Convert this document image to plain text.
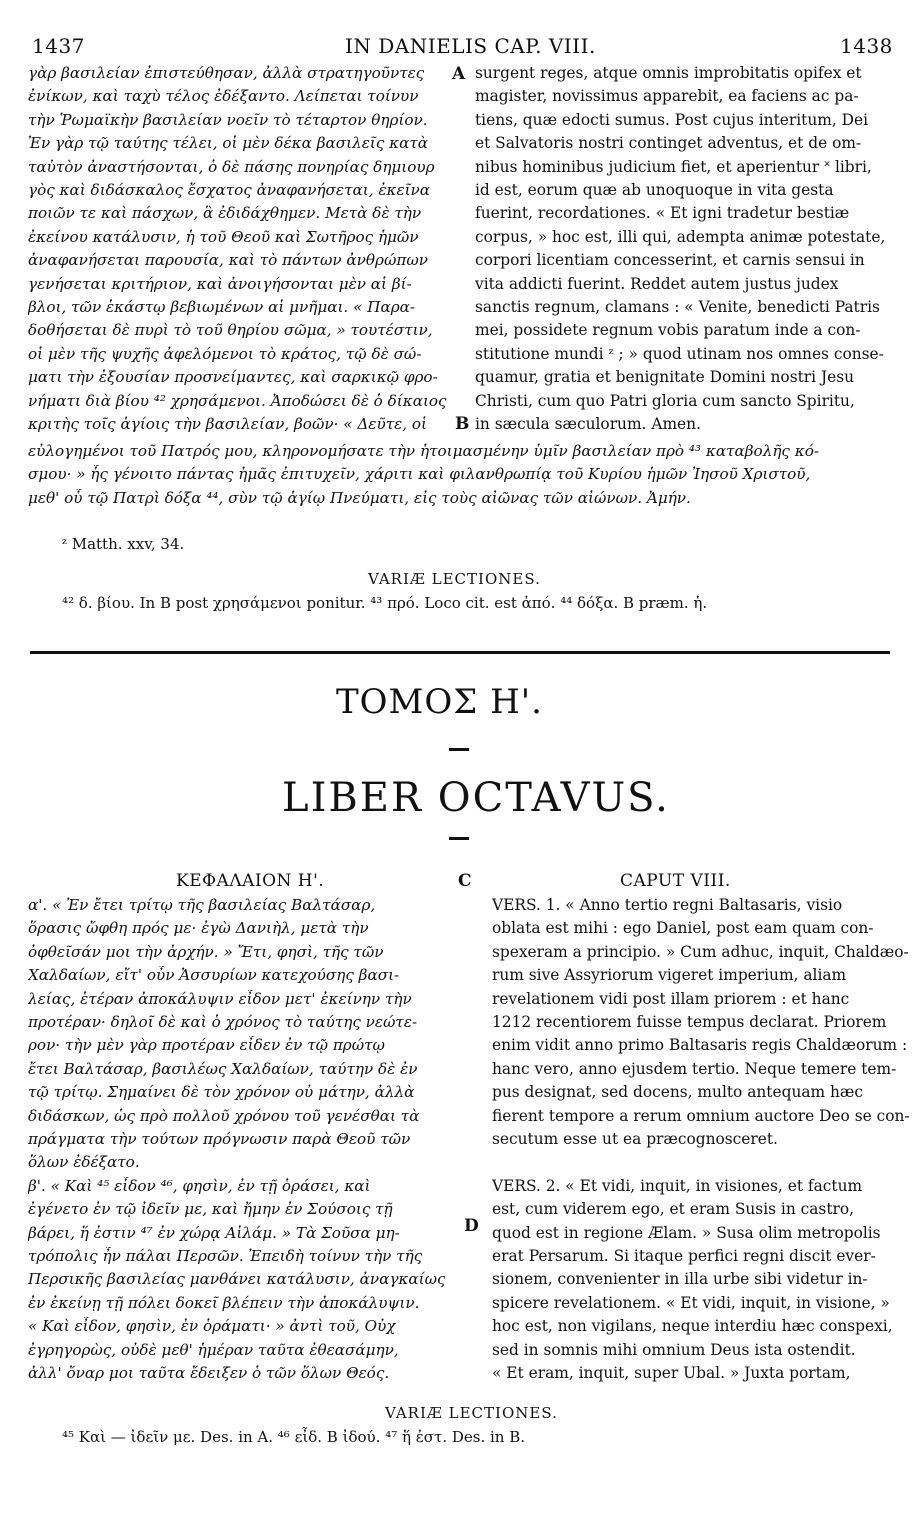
1437	IN DANIELIS CAP. VIII.	1438
γὰρ βασιλείαν ἐπιστεύθησαν, ἀλλὰ στρατηγοῦντες
ἐνίκων, καὶ ταχὺ τέλος ἐδέξαντο. Λείπεται τοίνυν
τὴν Ῥωμαϊκὴν βασιλείαν νοεῖν τὸ τέταρτον θηρίον.
Ἐν γὰρ τῷ ταύτης τέλει, οἱ μὲν δέκα βασιλεῖς κατὰ
ταὐτὸν ἀναστήσονται, ὁ δὲ πάσης πονηρίας δημιουρ
γὸς καὶ διδάσκαλος ἔσχατος ἀναφανήσεται, ἐκεῖνα
ποιῶν τε καὶ πάσχων, ἃ ἐδιδάχθημεν. Μετὰ δὲ τὴν
ἐκείνου κατάλυσιν, ἡ τοῦ Θεοῦ καὶ Σωτῆρος ἡμῶν
ἀναφανήσεται παρουσία, καὶ τὸ πάντων ἀνθρώπων
γενήσεται κριτήριον, καὶ ἀνοιγήσονται μὲν αἱ βί-
βλοι, τῶν ἑκάστῳ βεβιωμένων αἱ μνῆμαι. « Παρα-
δοθήσεται δὲ πυρὶ τὸ τοῦ θηρίου σῶμα, » τουτέστιν,
οἱ μὲν τῆς ψυχῆς ἀφελόμενοι τὸ κράτος, τῷ δὲ σώ-
ματι τὴν ἐξουσίαν προσνείμαντες, καὶ σαρκικῷ φρο-
νήματι διὰ βίου ⁴² χρησάμενοι. Ἀποδώσει δὲ ὁ δίκαιος
κριτὴς τοῖς ἁγίοις τὴν βασιλείαν, βοῶν· « Δεῦτε, οἱ
surgent reges, atque omnis improbitatis opifex et
magister, novissimus apparebit, ea faciens ac pa-
tiens, quæ edocti sumus. Post cujus interitum, Dei
et Salvatoris nostri continget adventus, et de om-
nibus hominibus judicium fiet, et aperientur ˟ libri,
id est, eorum quæ ab unoquoque in vita gesta
fuerint, recordationes. « Et igni tradetur bestiæ
corpus, » hoc est, illi qui, adempta animæ potestate,
corpori licentiam concesserint, et carnis sensui in
vita addicti fuerint. Reddet autem justus judex
sanctis regnum, clamans : « Venite, benedicti Patris
mei, possidete regnum vobis paratum inde a con-
stitutione mundi ᶻ ; » quod utinam nos omnes conse-
quamur, gratia et benignitate Domini nostri Jesu
Christi, cum quo Patri gloria cum sancto Spiritu,
in sæcula sæculorum. Amen.
A
B
εὐλογημένοι τοῦ Πατρός μου, κληρονομήσατε τὴν ἡτοιμασμένην ὑμῖν βασιλείαν πρὸ ⁴³ καταβολῆς κό-
σμου· » ἧς γένοιτο πάντας ἡμᾶς ἐπιτυχεῖν, χάριτι καὶ φιλανθρωπίᾳ τοῦ Κυρίου ἡμῶν Ἰησοῦ Χριστοῦ,
μεθ' οὗ τῷ Πατρὶ δόξα ⁴⁴, σὺν τῷ ἁγίῳ Πνεύματι, εἰς τοὺς αἰῶνας τῶν αἰώνων. Ἀμήν.
ᶻ Matth. xxv, 34.
VARIÆ LECTIONES.
⁴² δ. βίου. In B post χρησάμενοι ponitur. ⁴³ πρό. Loco cit. est ἀπό. ⁴⁴ δόξα. B præm. ἡ.
ΤΟΜΟΣ Η'.
LIBER OCTAVUS.
ΚΕΦΑΛΑΙΟΝ Η'.	C	CAPUT VIII.
α'. « Ἐν ἔτει τρίτῳ τῆς βασιλείας Βαλτάσαρ,
ὅρασις ὤφθη πρός με· ἐγὼ Δανιὴλ, μετὰ τὴν
ὀφθεῖσάν μοι τὴν ἀρχήν. » Ἔτι, φησὶ, τῆς τῶν
Χαλδαίων, εἴτ' οὖν Ἀσσυρίων κατεχούσης βασι-
λείας, ἑτέραν ἀποκάλυψιν εἶδον μετ' ἐκείνην τὴν
προτέραν· δηλοῖ δὲ καὶ ὁ χρόνος τὸ ταύτης νεώτε-
ρον· τὴν μὲν γὰρ προτέραν εἶδεν ἐν τῷ πρώτῳ
ἔτει Βαλτάσαρ, βασιλέως Χαλδαίων, ταύτην δὲ ἐν
τῷ τρίτῳ. Σημαίνει δὲ τὸν χρόνον οὐ μάτην, ἀλλὰ
διδάσκων, ὡς πρὸ πολλοῦ χρόνου τοῦ γενέσθαι τὰ
πράγματα τὴν τούτων πρόγνωσιν παρὰ Θεοῦ τῶν
ὅλων ἐδέξατο.
β'. « Καὶ ⁴⁵ εἶδον ⁴⁶, φησὶν, ἐν τῇ ὁράσει, καὶ
ἐγένετο ἐν τῷ ἰδεῖν με, καὶ ἤμην ἐν Σούσοις τῇ
βάρει, ἥ ἐστιν ⁴⁷ ἐν χώρᾳ Αἰλάμ. » Τὰ Σοῦσα μη-
τρόπολις ἦν πάλαι Περσῶν. Ἐπειδὴ τοίνυν τὴν τῆς
Περσικῆς βασιλείας μανθάνει κατάλυσιν, ἀναγκαίως
ἐν ἐκείνῃ τῇ πόλει δοκεῖ βλέπειν τὴν ἀποκάλυψιν.
« Καὶ εἶδον, φησὶν, ἐν ὁράματι· » ἀντὶ τοῦ, Οὐχ
ἐγρηγορὼς, οὐδὲ μεθ' ἡμέραν ταῦτα ἐθεασάμην,
ἀλλ' ὄναρ μοι ταῦτα ἔδειξεν ὁ τῶν ὅλων Θεός.
VERS. 1. « Anno tertio regni Baltasaris, visio
oblata est mihi : ego Daniel, post eam quam con-
spexeram a principio. » Cum adhuc, inquit, Chaldæo-
rum sive Assyriorum vigeret imperium, aliam
revelationem vidi post illam priorem : et hanc
1212 recentiorem fuisse tempus declarat. Priorem
enim vidit anno primo Baltasaris regis Chaldæorum :
hanc vero, anno ejusdem tertio. Neque temere tem-
pus designat, sed docens, multo antequam hæc
fierent tempore a rerum omnium auctore Deo se con-
secutum esse ut ea præcognosceret.
VERS. 2. « Et vidi, inquit, in visiones, et factum
est, cum viderem ego, et eram Susis in castro,
quod est in regione Ælam. » Susa olim metropolis
erat Persarum. Si itaque perfici regni discit ever-
sionem, convenienter in illa urbe sibi videtur in-
spicere revelationem. « Et vidi, inquit, in visione, »
hoc est, non vigilans, neque interdiu hæc conspexi,
sed in somnis mihi omnium Deus ista ostendit.
« Et eram, inquit, super Ubal. » Juxta portam,
D
VARIÆ LECTIONES.
⁴⁵ Καὶ — ἰδεῖν με. Des. in A. ⁴⁶ εἶδ. B ἰδού. ⁴⁷ ἥ ἐστ. Des. in B.
